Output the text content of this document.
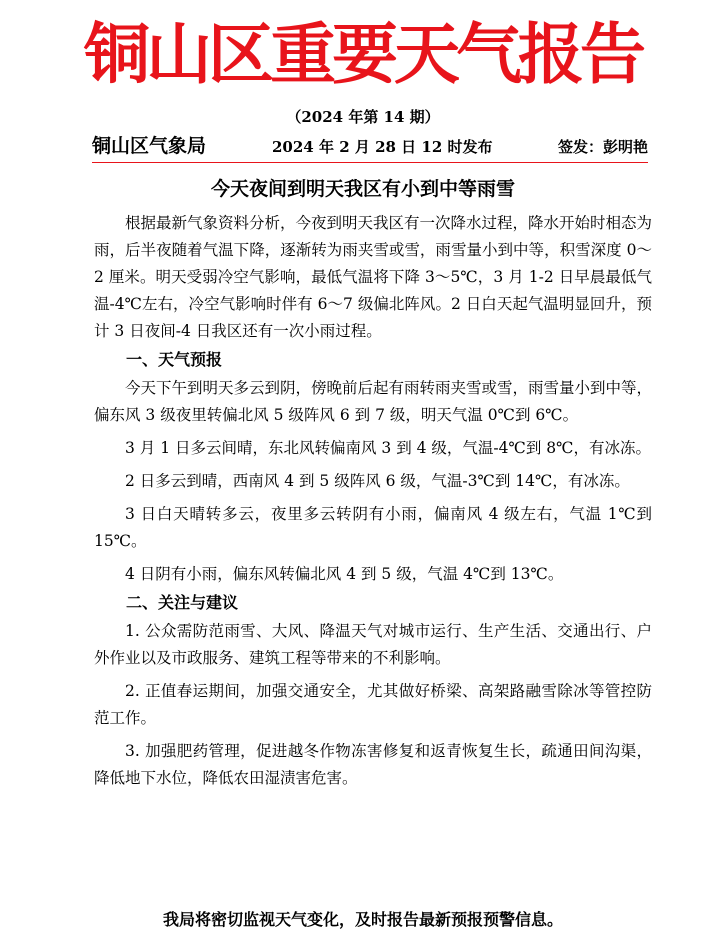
铜山区重要天气报告
（2024 年第 14 期）
铜山区气象局	2024 年 2 月 28 日 12 时发布	签发：彭明艳
今天夜间到明天我区有小到中等雨雪

根据最新气象资料分析，今夜到明天我区有一次降水过程，降水开始时相态为雨，后半夜随着气温下降，逐渐转为雨夹雪或雪，雨雪量小到中等，积雪深度 0～2 厘米。明天受弱冷空气影响，最低气温将下降 3～5℃，3 月 1-2 日早晨最低气温-4℃左右，冷空气影响时伴有 6～7 级偏北阵风。2 日白天起气温明显回升，预计 3 日夜间-4 日我区还有一次小雨过程。

一、天气预报

今天下午到明天多云到阴，傍晚前后起有雨转雨夹雪或雪，雨雪量小到中等，偏东风 3 级夜里转偏北风 5 级阵风 6 到 7 级，明天气温 0℃到 6℃。

3 月 1 日多云间晴，东北风转偏南风 3 到 4 级，气温-4℃到 8℃，有冰冻。

2 日多云到晴，西南风 4 到 5 级阵风 6 级，气温-3℃到 14℃，有冰冻。

3 日白天晴转多云，夜里多云转阴有小雨，偏南风 4 级左右，气温 1℃到 15℃。

4 日阴有小雨，偏东风转偏北风 4 到 5 级，气温 4℃到 13℃。

二、关注与建议

1. 公众需防范雨雪、大风、降温天气对城市运行、生产生活、交通出行、户外作业以及市政服务、建筑工程等带来的不利影响。

2. 正值春运期间，加强交通安全，尤其做好桥梁、高架路融雪除冰等管控防范工作。

3. 加强肥药管理，促进越冬作物冻害修复和返青恢复生长，疏通田间沟渠，降低地下水位，降低农田湿渍害危害。

我局将密切监视天气变化，及时报告最新预报预警信息。
